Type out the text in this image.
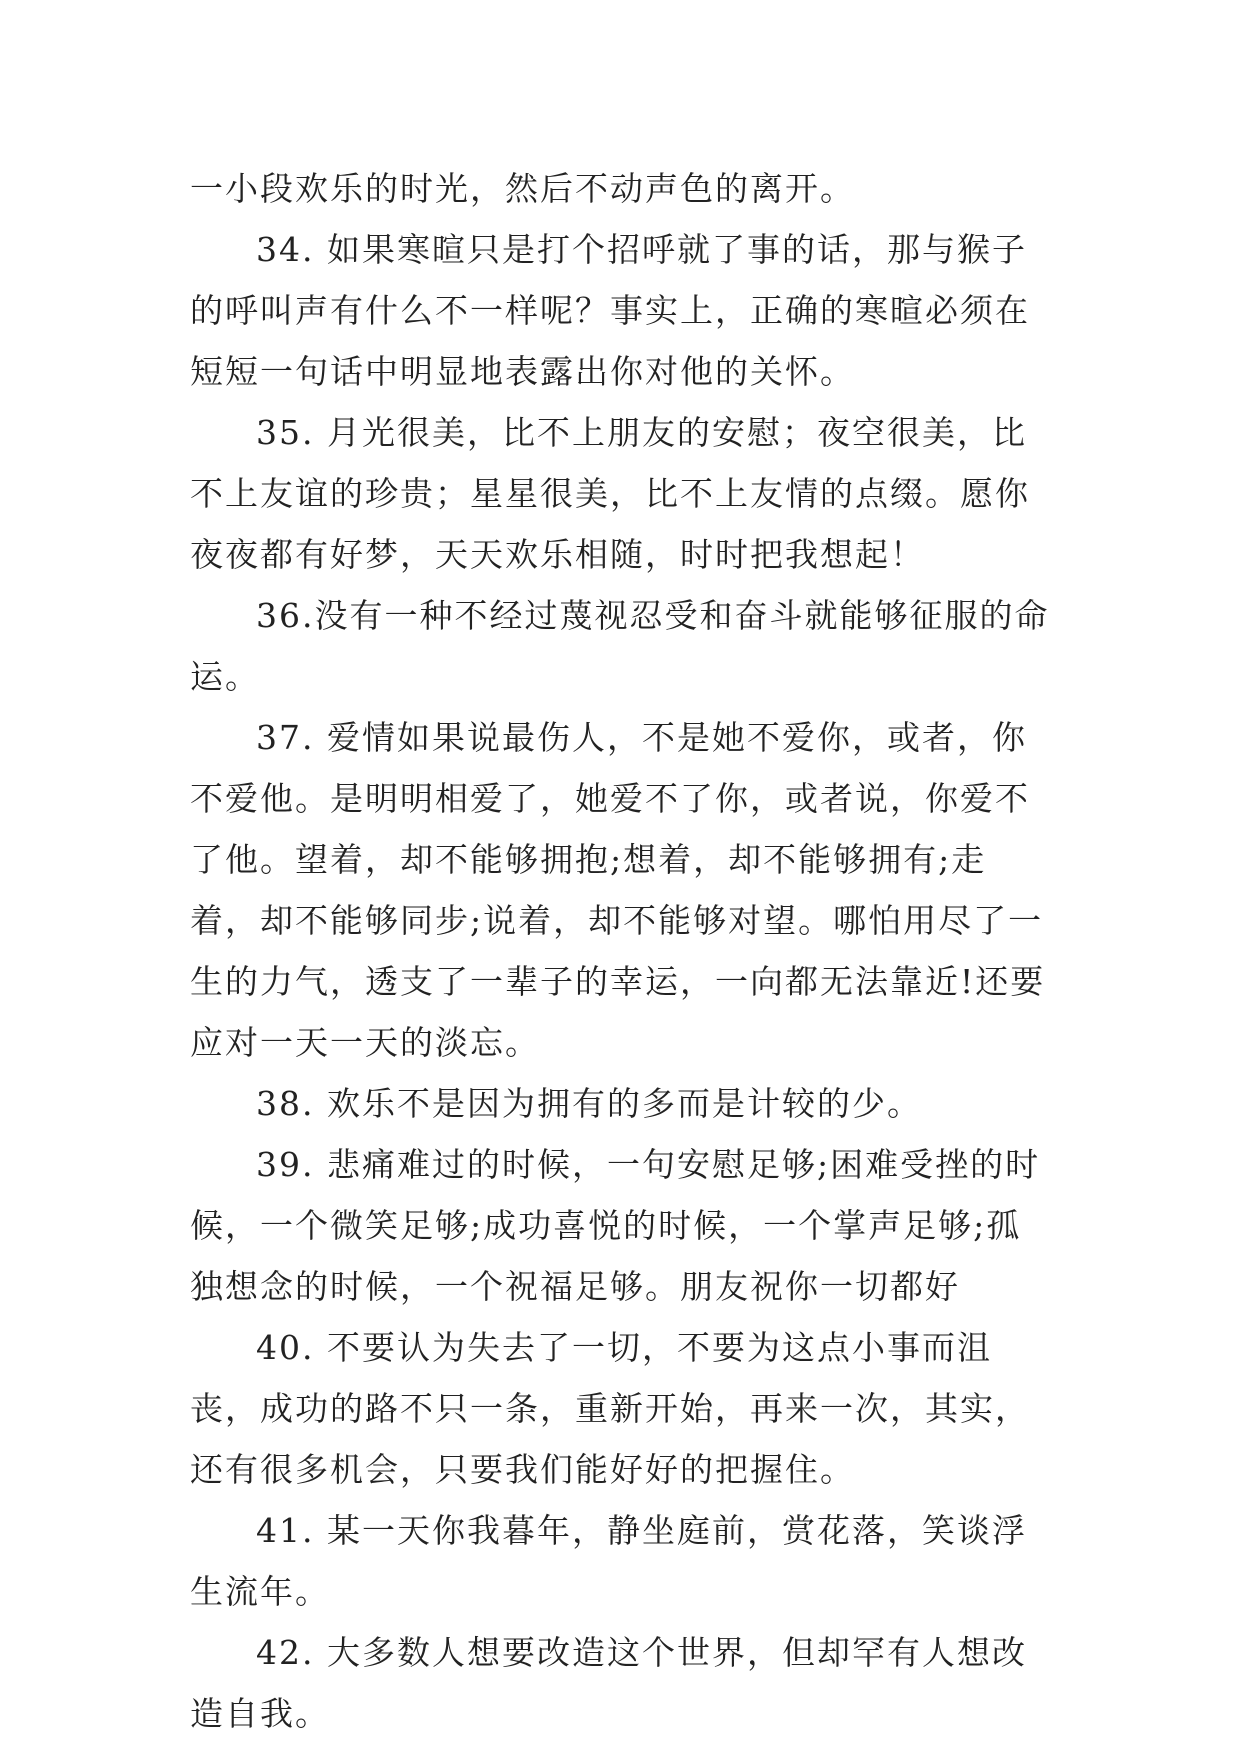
一小段欢乐的时光，然后不动声色的离开。

34. 如果寒暄只是打个招呼就了事的话，那与猴子的呼叫声有什么不一样呢？事实上，正确的寒暄必须在短短一句话中明显地表露出你对他的关怀。

35. 月光很美，比不上朋友的安慰；夜空很美，比不上友谊的珍贵；星星很美，比不上友情的点缀。愿你夜夜都有好梦，天天欢乐相随，时时把我想起！

36.没有一种不经过蔑视忍受和奋斗就能够征服的命运。

37. 爱情如果说最伤人，不是她不爱你，或者，你不爱他。是明明相爱了，她爱不了你，或者说，你爱不了他。望着，却不能够拥抱;想着，却不能够拥有;走着，却不能够同步;说着，却不能够对望。哪怕用尽了一生的力气，透支了一辈子的幸运，一向都无法靠近!还要应对一天一天的淡忘。

38. 欢乐不是因为拥有的多而是计较的少。

39. 悲痛难过的时候，一句安慰足够;困难受挫的时候，一个微笑足够;成功喜悦的时候，一个掌声足够;孤独想念的时候，一个祝福足够。朋友祝你一切都好

40. 不要认为失去了一切，不要为这点小事而沮丧，成功的路不只一条，重新开始，再来一次，其实，还有很多机会，只要我们能好好的把握住。

41. 某一天你我暮年，静坐庭前，赏花落，笑谈浮生流年。

42. 大多数人想要改造这个世界，但却罕有人想改造自我。
